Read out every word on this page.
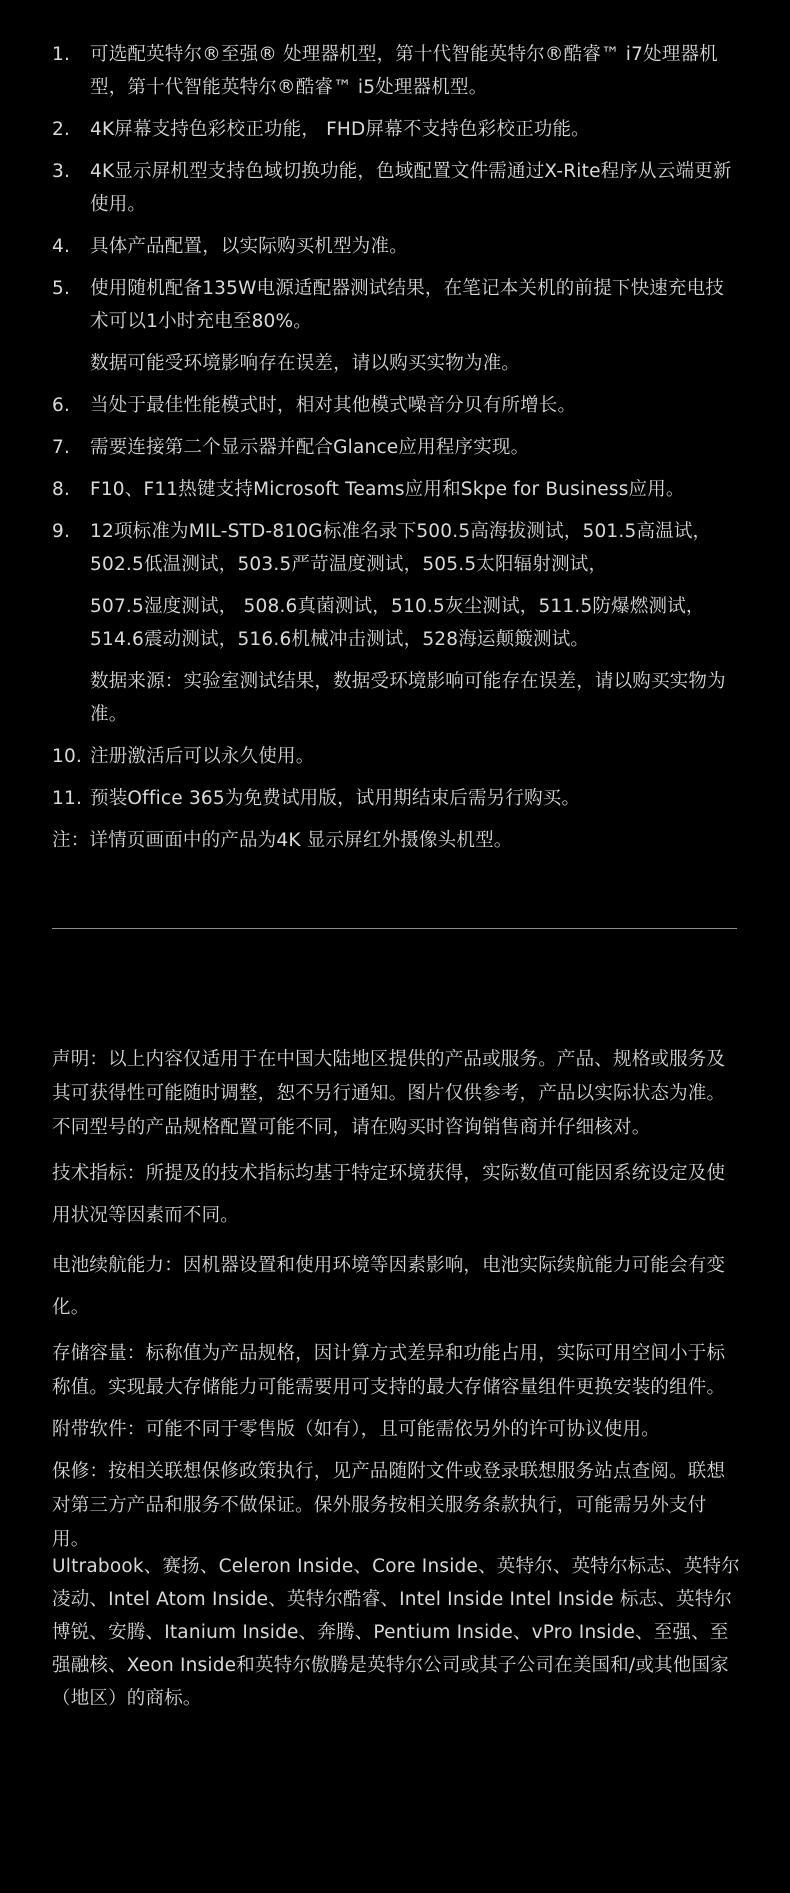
1.	可选配英特尔®至强® 处理器机型，第十代智能英特尔®酷睿™ i7处理器机型，第十代智能英特尔®酷睿™ i5处理器机型。
2.	4K屏幕支持色彩校正功能， FHD屏幕不支持色彩校正功能。
3.	4K显示屏机型支持色域切换功能，色域配置文件需通过X-Rite程序从云端更新使用。
4.	具体产品配置，以实际购买机型为准。
5.	使用随机配备135W电源适配器测试结果，在笔记本关机的前提下快速充电技术可以1小时充电至80%。
数据可能受环境影响存在误差，请以购买实物为准。
6.	当处于最佳性能模式时，相对其他模式噪音分贝有所增长。
7.	需要连接第二个显示器并配合Glance应用程序实现。
8.	F10、F11热键支持Microsoft Teams应用和Skpe for Business应用。
9.	12项标准为MIL-STD-810G标准名录下500.5高海拔测试，501.5高温试，502.5低温测试，503.5严苛温度测试，505.5太阳辐射测试，
507.5湿度测试， 508.6真菌测试，510.5灰尘测试，511.5防爆燃测试，514.6震动测试，516.6机械冲击测试，528海运颠簸测试。
数据来源：实验室测试结果，数据受环境影响可能存在误差，请以购买实物为准。
10. 注册激活后可以永久使用。
11. 预装Office 365为免费试用版，试用期结束后需另行购买。
注：详情页画面中的产品为4K 显示屏红外摄像头机型。
声明：以上内容仅适用于在中国大陆地区提供的产品或服务。产品、规格或服务及其可获得性可能随时调整，恕不另行通知。图片仅供参考，产品以实际状态为准。不同型号的产品规格配置可能不同，请在购买时咨询销售商并仔细核对。
技术指标：所提及的技术指标均基于特定环境获得，实际数值可能因系统设定及使用状况等因素而不同。
电池续航能力：因机器设置和使用环境等因素影响，电池实际续航能力可能会有变化。
存储容量：标称值为产品规格，因计算方式差异和功能占用，实际可用空间小于标称值。实现最大存储能力可能需要用可支持的最大存储容量组件更换安装的组件。
附带软件：可能不同于零售版（如有），且可能需依另外的许可协议使用。
保修：按相关联想保修政策执行，见产品随附文件或登录联想服务站点查阅。联想对第三方产品和服务不做保证。保外服务按相关服务条款执行，可能需另外支付用。
Ultrabook、赛扬、Celeron Inside、Core Inside、英特尔、英特尔标志、英特尔凌动、Intel Atom Inside、英特尔酷睿、Intel Inside Intel Inside 标志、英特尔博锐、安腾、Itanium Inside、奔腾、Pentium Inside、vPro Inside、至强、至强融核、Xeon Inside和英特尔傲腾是英特尔公司或其子公司在美国和/或其他国家（地区）的商标。
